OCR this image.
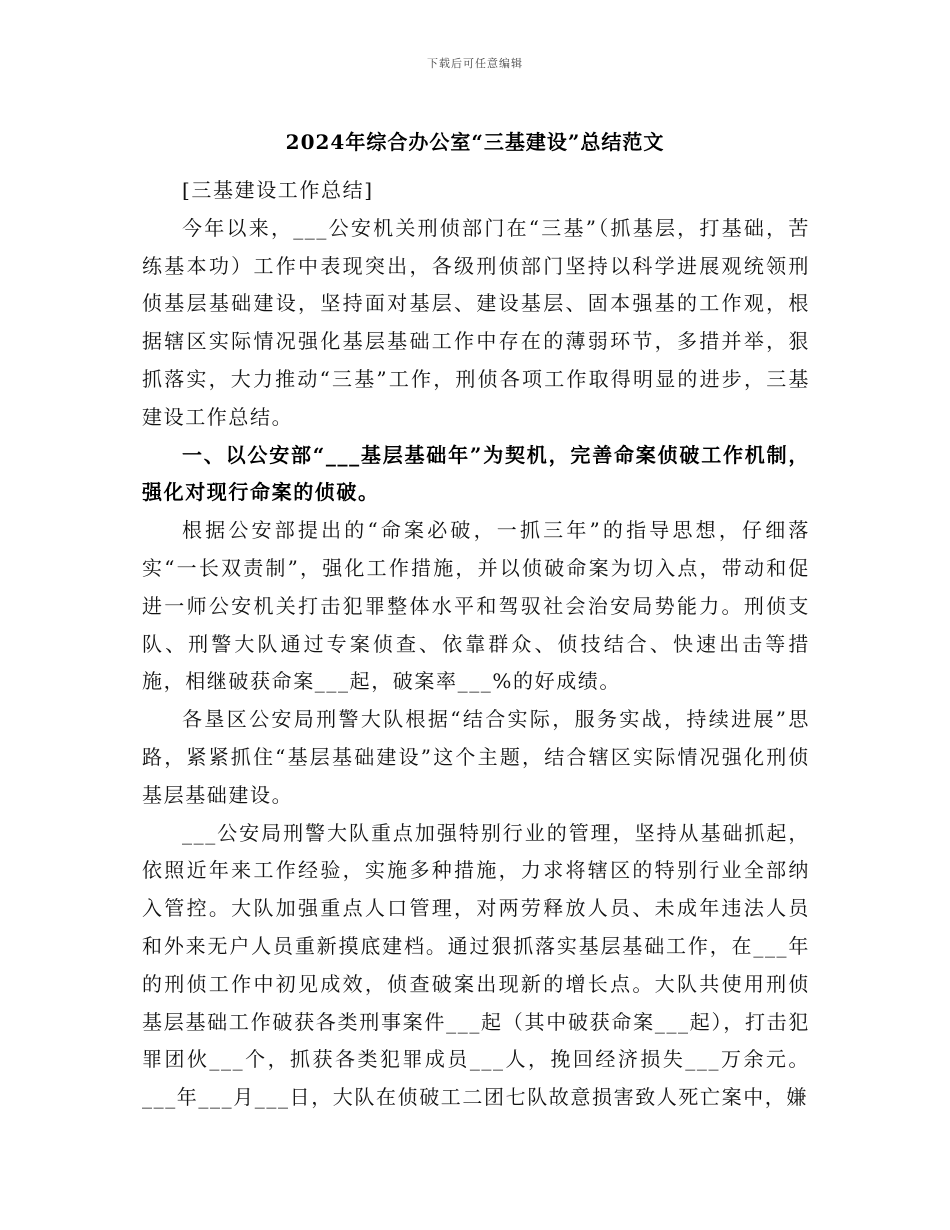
下载后可任意编辑
2024年综合办公室“三基建设”总结范文

[三基建设工作总结]

今年以来，___公安机关刑侦部门在“三基”（抓基层，打基础，苦练基本功）工作中表现突出，各级刑侦部门坚持以科学进展观统领刑侦基层基础建设，坚持面对基层、建设基层、固本强基的工作观，根据辖区实际情况强化基层基础工作中存在的薄弱环节，多措并举，狠抓落实，大力推动“三基”工作，刑侦各项工作取得明显的进步，三基建设工作总结。

一、以公安部“___基层基础年”为契机，完善命案侦破工作机制，强化对现行命案的侦破。

根据公安部提出的“命案必破，一抓三年”的指导思想，仔细落实“一长双责制”，强化工作措施，并以侦破命案为切入点，带动和促进一师公安机关打击犯罪整体水平和驾驭社会治安局势能力。刑侦支队、刑警大队通过专案侦查、依靠群众、侦技结合、快速出击等措施，相继破获命案___起，破案率___%的好成绩。

各垦区公安局刑警大队根据“结合实际，服务实战，持续进展”思路，紧紧抓住“基层基础建设”这个主题，结合辖区实际情况强化刑侦基层基础建设。

___公安局刑警大队重点加强特别行业的管理，坚持从基础抓起，依照近年来工作经验，实施多种措施，力求将辖区的特别行业全部纳入管控。大队加强重点人口管理，对两劳释放人员、未成年违法人员和外来无户人员重新摸底建档。通过狠抓落实基层基础工作，在___年的刑侦工作中初见成效，侦查破案出现新的增长点。大队共使用刑侦基层基础工作破获各类刑事案件___起（其中破获命案___起），打击犯罪团伙___个，抓获各类犯罪成员___人，挽回经济损失___万余元。___年___月___日，大队在侦破工二团七队故意损害致人死亡案中，嫌
